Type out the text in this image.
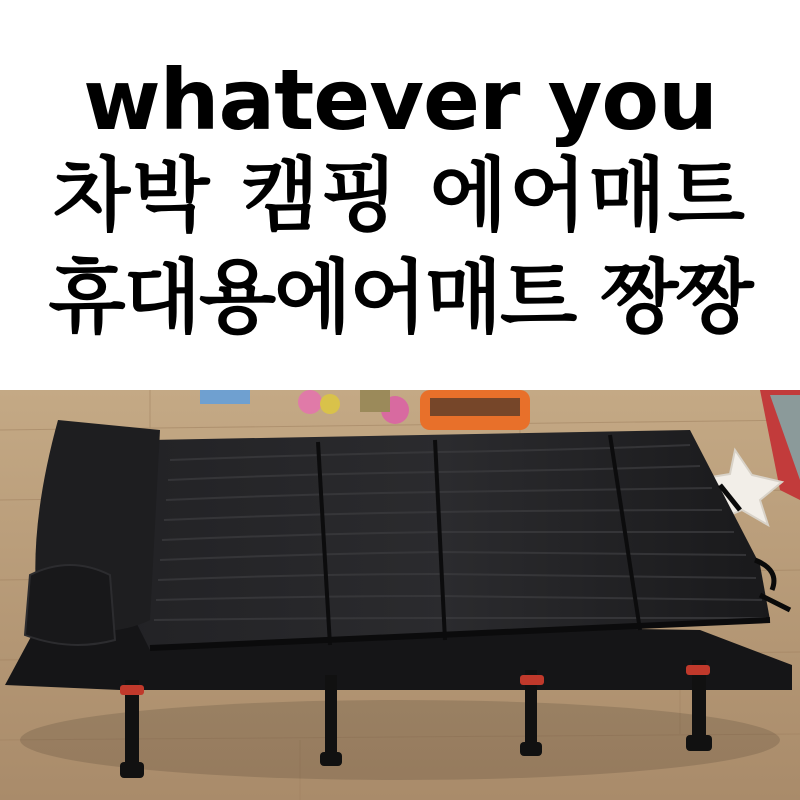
whatever you
차박 캠핑 에어매트
휴대용에어매트 짱짱
